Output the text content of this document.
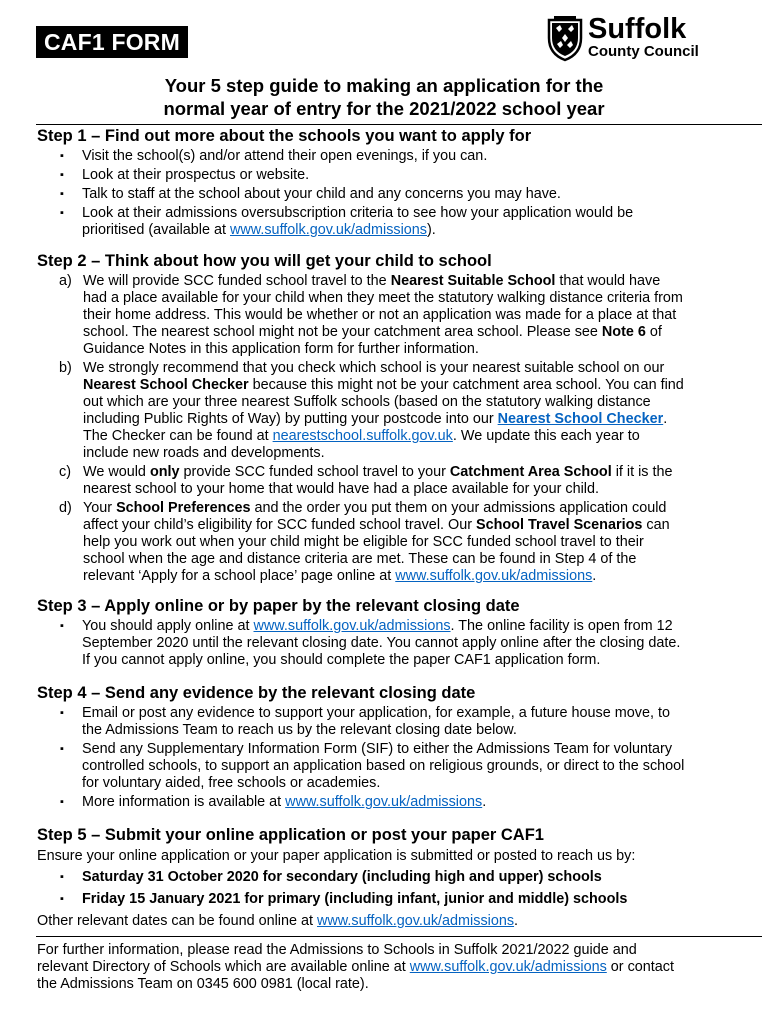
CAF1 FORM	Suffolk
County Council
Your 5 step guide to making an application for the
normal year of entry for the 2021/2022 school year
Step 1 – Find out more about the schools you want to apply for
▪ Visit the school(s) and/or attend their open evenings, if you can.
▪ Look at their prospectus or website.
▪ Talk to staff at the school about your child and any concerns you may have.
▪ Look at their admissions oversubscription criteria to see how your application would be
prioritised (available at www.suffolk.gov.uk/admissions).
Step 2 – Think about how you will get your child to school
a) We will provide SCC funded school travel to the Nearest Suitable School that would have
had a place available for your child when they meet the statutory walking distance criteria from
their home address. This would be whether or not an application was made for a place at that
school. The nearest school might not be your catchment area school. Please see Note 6 of
Guidance Notes in this application form for further information.
b) We strongly recommend that you check which school is your nearest suitable school on our
Nearest School Checker because this might not be your catchment area school. You can find
out which are your three nearest Suffolk schools (based on the statutory walking distance
including Public Rights of Way) by putting your postcode into our Nearest School Checker.
The Checker can be found at nearestschool.suffolk.gov.uk. We update this each year to
include new roads and developments.
c) We would only provide SCC funded school travel to your Catchment Area School if it is the
nearest school to your home that would have had a place available for your child.
d) Your School Preferences and the order you put them on your admissions application could
affect your child’s eligibility for SCC funded school travel. Our School Travel Scenarios can
help you work out when your child might be eligible for SCC funded school travel to their
school when the age and distance criteria are met. These can be found in Step 4 of the
relevant ‘Apply for a school place’ page online at www.suffolk.gov.uk/admissions.
Step 3 – Apply online or by paper by the relevant closing date
▪ You should apply online at www.suffolk.gov.uk/admissions. The online facility is open from 12
September 2020 until the relevant closing date. You cannot apply online after the closing date.
If you cannot apply online, you should complete the paper CAF1 application form.
Step 4 – Send any evidence by the relevant closing date
▪ Email or post any evidence to support your application, for example, a future house move, to
the Admissions Team to reach us by the relevant closing date below.
▪ Send any Supplementary Information Form (SIF) to either the Admissions Team for voluntary
controlled schools, to support an application based on religious grounds, or direct to the school
for voluntary aided, free schools or academies.
▪ More information is available at www.suffolk.gov.uk/admissions.
Step 5 – Submit your online application or post your paper CAF1
Ensure your online application or your paper application is submitted or posted to reach us by:
▪ Saturday 31 October 2020 for secondary (including high and upper) schools
▪ Friday 15 January 2021 for primary (including infant, junior and middle) schools
Other relevant dates can be found online at www.suffolk.gov.uk/admissions.
For further information, please read the Admissions to Schools in Suffolk 2021/2022 guide and
relevant Directory of Schools which are available online at www.suffolk.gov.uk/admissions or contact
the Admissions Team on 0345 600 0981 (local rate).
